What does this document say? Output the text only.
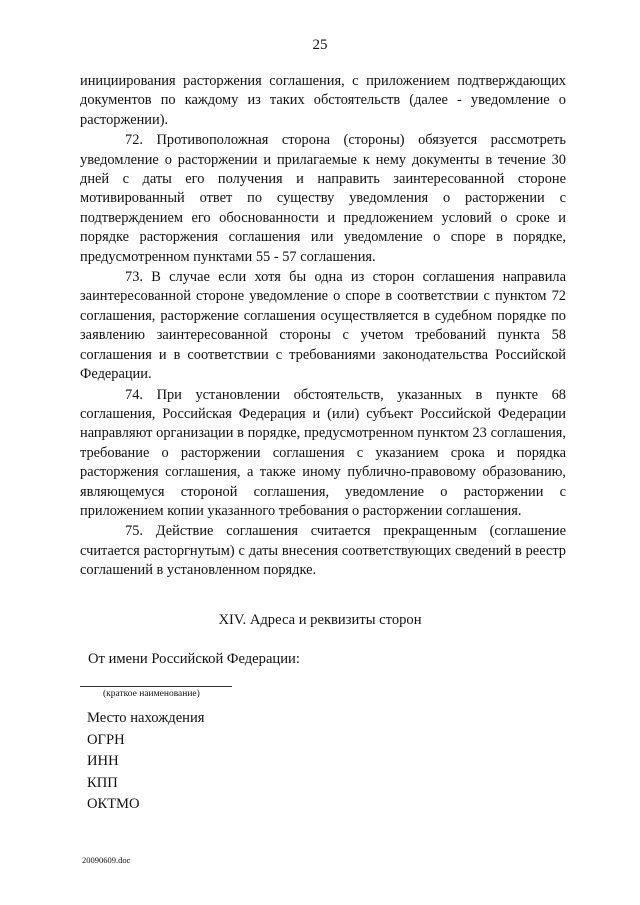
25

инициирования расторжения соглашения, с приложением подтверждающих документов по каждому из таких обстоятельств (далее - уведомление о расторжении).

72. Противоположная сторона (стороны) обязуется рассмотреть уведомление о расторжении и прилагаемые к нему документы в течение 30 дней с даты его получения и направить заинтересованной стороне мотивированный ответ по существу уведомления о расторжении с подтверждением его обоснованности и предложением условий о сроке и порядке расторжения соглашения или уведомление о споре в порядке, предусмотренном пунктами 55 - 57 соглашения.

73. В случае если хотя бы одна из сторон соглашения направила заинтересованной стороне уведомление о споре в соответствии с пунктом 72 соглашения, расторжение соглашения осуществляется в судебном порядке по заявлению заинтересованной стороны с учетом требований пункта 58 соглашения и в соответствии с требованиями законодательства Российской Федерации.

74. При установлении обстоятельств, указанных в пункте 68 соглашения, Российская Федерация и (или) субъект Российской Федерации направляют организации в порядке, предусмотренном пунктом 23 соглашения, требование о расторжении соглашения с указанием срока и порядка расторжения соглашения, а также иному публично-правовому образованию, являющемуся стороной соглашения, уведомление о расторжении с приложением копии указанного требования о расторжении соглашения.

75. Действие соглашения считается прекращенным (соглашение считается расторгнутым) с даты внесения соответствующих сведений в реестр соглашений в установленном порядке.

XIV. Адреса и реквизиты сторон
От имени Российской Федерации:
(краткое наименование)
Место нахождения
ОГРН
ИНН
КПП
ОКТМО
20090609.doc
